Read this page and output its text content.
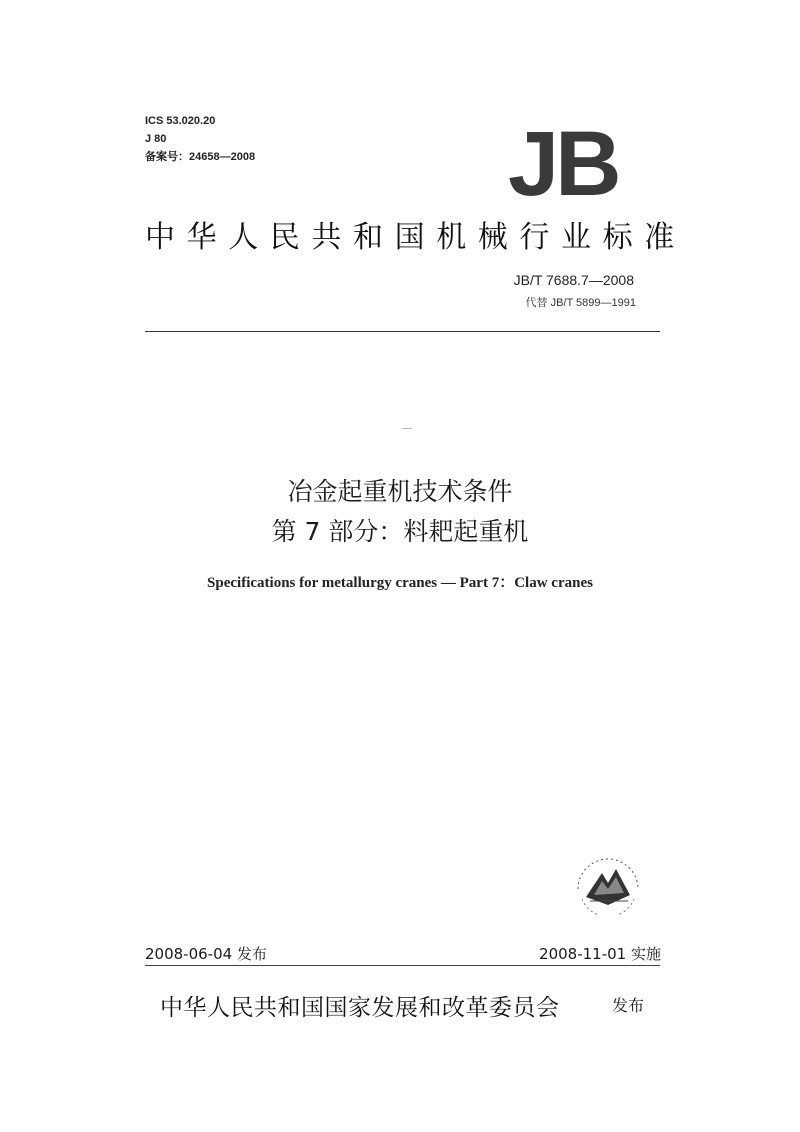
ICS 53.020.20
J 80
备案号：24658—2008	JB
中华人民共和国机械行业标准
JB/T 7688.7—2008
代替 JB/T 5899—1991
冶金起重机技术条件
第 7 部分：料耙起重机
Specifications for metallurgy cranes — Part 7：Claw cranes
2008-06-04 发布	2008-11-01 实施
中华人民共和国国家发展和改革委员会	发布
